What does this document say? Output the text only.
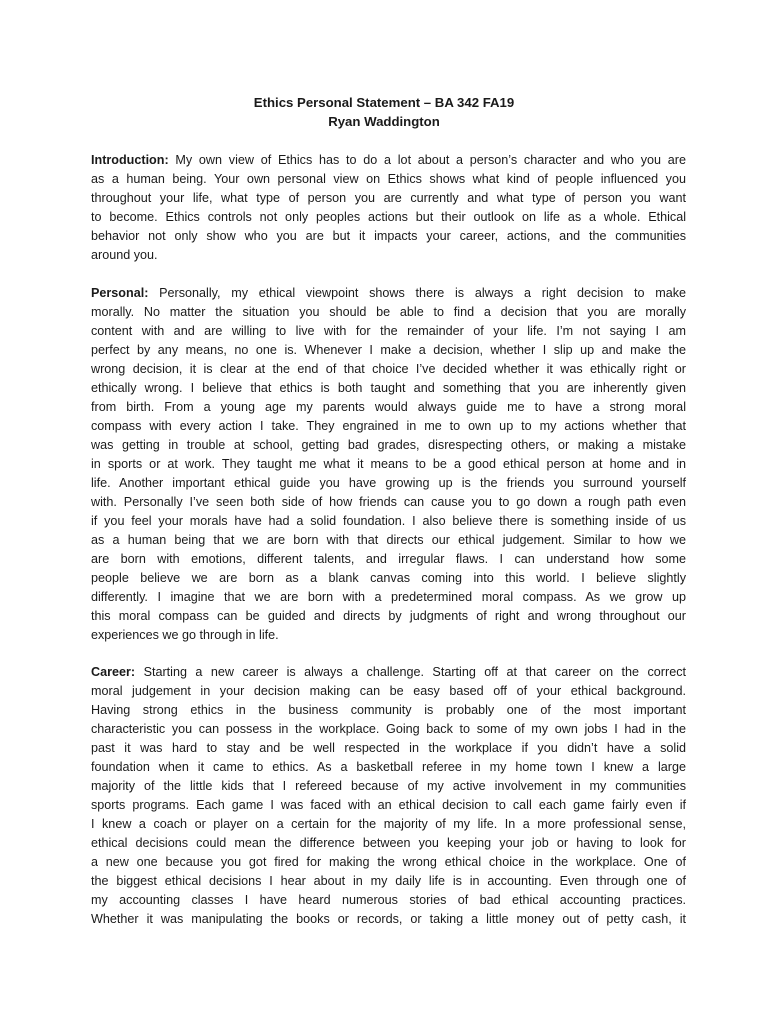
Ethics Personal Statement – BA 342 FA19
Ryan Waddington
Introduction: My own view of Ethics has to do a lot about a person’s character and who you are
as a human being. Your own personal view on Ethics shows what kind of people influenced you
throughout your life, what type of person you are currently and what type of person you want
to become. Ethics controls not only peoples actions but their outlook on life as a whole. Ethical
behavior not only show who you are but it impacts your career, actions, and the communities
around you.
Personal: Personally, my ethical viewpoint shows there is always a right decision to make
morally. No matter the situation you should be able to find a decision that you are morally
content with and are willing to live with for the remainder of your life. I’m not saying I am
perfect by any means, no one is. Whenever I make a decision, whether I slip up and make the
wrong decision, it is clear at the end of that choice I’ve decided whether it was ethically right or
ethically wrong. I believe that ethics is both taught and something that you are inherently given
from birth. From a young age my parents would always guide me to have a strong moral
compass with every action I take. They engrained in me to own up to my actions whether that
was getting in trouble at school, getting bad grades, disrespecting others, or making a mistake
in sports or at work. They taught me what it means to be a good ethical person at home and in
life. Another important ethical guide you have growing up is the friends you surround yourself
with. Personally I’ve seen both side of how friends can cause you to go down a rough path even
if you feel your morals have had a solid foundation. I also believe there is something inside of us
as a human being that we are born with that directs our ethical judgement. Similar to how we
are born with emotions, different talents, and irregular flaws. I can understand how some
people believe we are born as a blank canvas coming into this world. I believe slightly
differently. I imagine that we are born with a predetermined moral compass. As we grow up
this moral compass can be guided and directs by judgments of right and wrong throughout our
experiences we go through in life.
Career: Starting a new career is always a challenge. Starting off at that career on the correct
moral judgement in your decision making can be easy based off of your ethical background.
Having strong ethics in the business community is probably one of the most important
characteristic you can possess in the workplace. Going back to some of my own jobs I had in the
past it was hard to stay and be well respected in the workplace if you didn’t have a solid
foundation when it came to ethics. As a basketball referee in my home town I knew a large
majority of the little kids that I refereed because of my active involvement in my communities
sports programs. Each game I was faced with an ethical decision to call each game fairly even if
I knew a coach or player on a certain for the majority of my life. In a more professional sense,
ethical decisions could mean the difference between you keeping your job or having to look for
a new one because you got fired for making the wrong ethical choice in the workplace. One of
the biggest ethical decisions I hear about in my daily life is in accounting. Even through one of
my accounting classes I have heard numerous stories of bad ethical accounting practices.
Whether it was manipulating the books or records, or taking a little money out of petty cash, it
